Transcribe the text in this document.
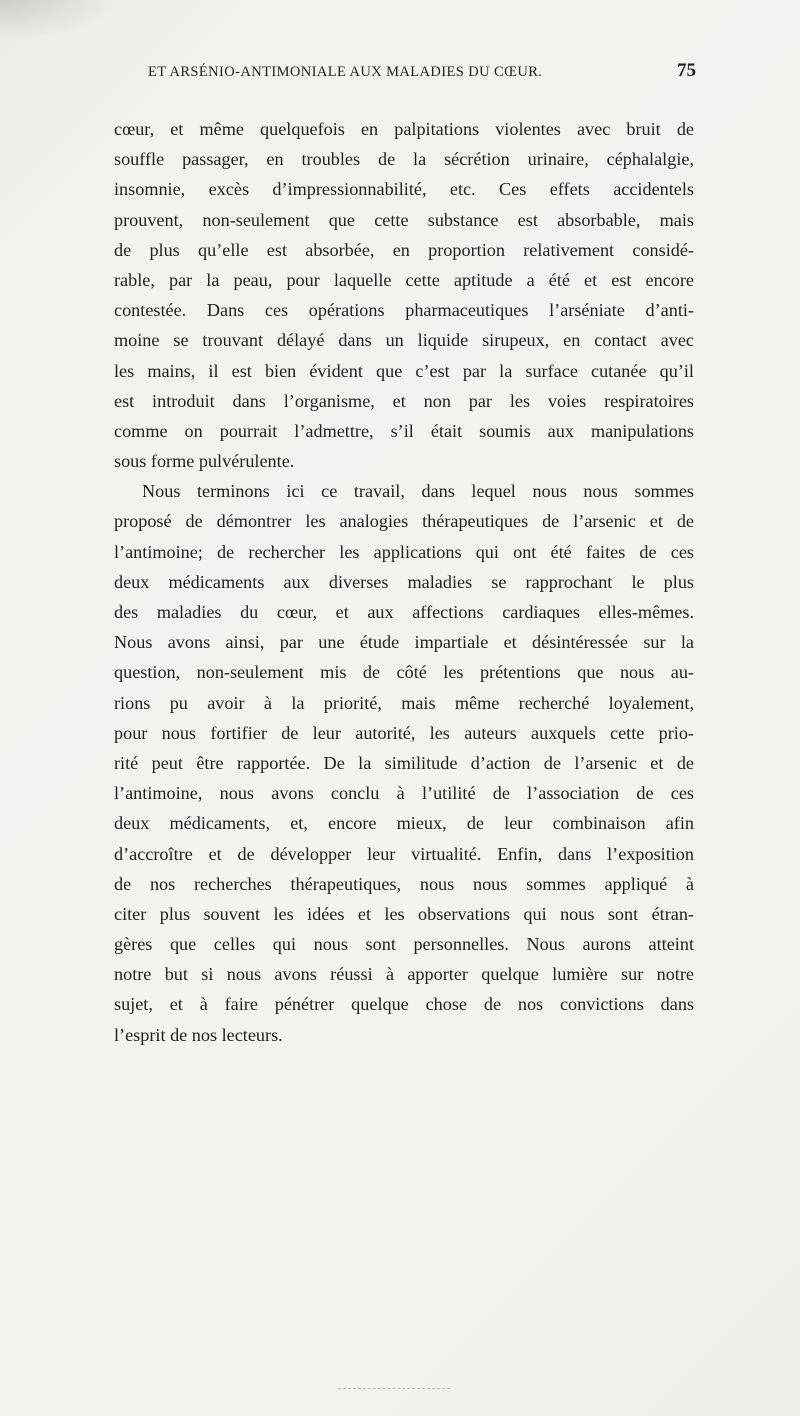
ET ARSÉNIO-ANTIMONIALE AUX MALADIES DU CŒUR.	75
cœur, et même quelquefois en palpitations violentes avec bruit de
souffle passager, en troubles de la sécrétion urinaire, céphalalgie,
insomnie, excès d’impressionnabilité, etc. Ces effets accidentels
prouvent, non-seulement que cette substance est absorbable, mais
de plus qu’elle est absorbée, en proportion relativement considé-
rable, par la peau, pour laquelle cette aptitude a été et est encore
contestée. Dans ces opérations pharmaceutiques l’arséniate d’anti-
moine se trouvant délayé dans un liquide sirupeux, en contact avec
les mains, il est bien évident que c’est par la surface cutanée qu’il
est introduit dans l’organisme, et non par les voies respiratoires
comme on pourrait l’admettre, s’il était soumis aux manipulations
sous forme pulvérulente.
Nous terminons ici ce travail, dans lequel nous nous sommes
proposé de démontrer les analogies thérapeutiques de l’arsenic et de
l’antimoine; de rechercher les applications qui ont été faites de ces
deux médicaments aux diverses maladies se rapprochant le plus
des maladies du cœur, et aux affections cardiaques elles-mêmes.
Nous avons ainsi, par une étude impartiale et désintéressée sur la
question, non-seulement mis de côté les prétentions que nous au-
rions pu avoir à la priorité, mais même recherché loyalement,
pour nous fortifier de leur autorité, les auteurs auxquels cette prio-
rité peut être rapportée. De la similitude d’action de l’arsenic et de
l’antimoine, nous avons conclu à l’utilité de l’association de ces
deux médicaments, et, encore mieux, de leur combinaison afin
d’accroître et de développer leur virtualité. Enfin, dans l’exposition
de nos recherches thérapeutiques, nous nous sommes appliqué à
citer plus souvent les idées et les observations qui nous sont étran-
gères que celles qui nous sont personnelles. Nous aurons atteint
notre but si nous avons réussi à apporter quelque lumière sur notre
sujet, et à faire pénétrer quelque chose de nos convictions dans
l’esprit de nos lecteurs.
